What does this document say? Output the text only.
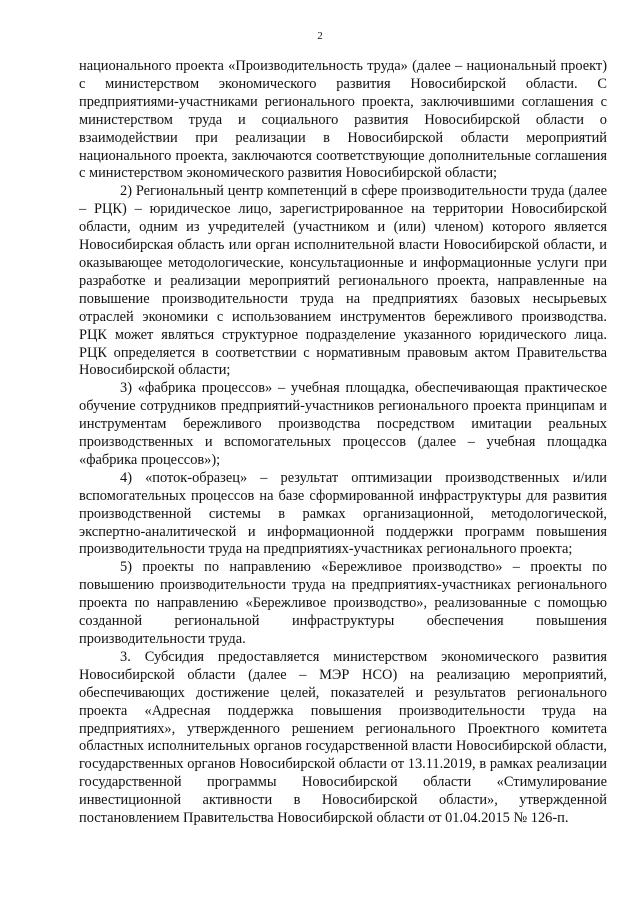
2

национального проекта «Производительность труда» (далее – национальный проект) с министерством экономического развития Новосибирской области. С предприятиями-участниками регионального проекта, заключившими соглашения с министерством труда и социального развития Новосибирской области о взаимодействии при реализации в Новосибирской области мероприятий национального проекта, заключаются соответствующие дополнительные соглашения с министерством экономического развития Новосибирской области;

2) Региональный центр компетенций в сфере производительности труда (далее – РЦК) – юридическое лицо, зарегистрированное на территории Новосибирской области, одним из учредителей (участником и (или) членом) которого является Новосибирская область или орган исполнительной власти Новосибирской области, и оказывающее методологические, консультационные и информационные услуги при разработке и реализации мероприятий регионального проекта, направленные на повышение производительности труда на предприятиях базовых несырьевых отраслей экономики с использованием инструментов бережливого производства. РЦК может являться структурное подразделение указанного юридического лица. РЦК определяется в соответствии с нормативным правовым актом Правительства Новосибирской области;

3) «фабрика процессов» – учебная площадка, обеспечивающая практическое обучение сотрудников предприятий-участников регионального проекта принципам и инструментам бережливого производства посредством имитации реальных производственных и вспомогательных процессов (далее – учебная площадка «фабрика процессов»);

4) «поток-образец» – результат оптимизации производственных и/или вспомогательных процессов на базе сформированной инфраструктуры для развития производственной системы в рамках организационной, методологической, экспертно-аналитической и информационной поддержки программ повышения производительности труда на предприятиях-участниках регионального проекта;

5) проекты по направлению «Бережливое производство» – проекты по повышению производительности труда на предприятиях-участниках регионального проекта по направлению «Бережливое производство», реализованные с помощью созданной региональной инфраструктуры обеспечения повышения производительности труда.

3. Субсидия предоставляется министерством экономического развития Новосибирской области (далее – МЭР НСО) на реализацию мероприятий, обеспечивающих достижение целей, показателей и результатов регионального проекта «Адресная поддержка повышения производительности труда на предприятиях», утвержденного решением регионального Проектного комитета областных исполнительных органов государственной власти Новосибирской области, государственных органов Новосибирской области от 13.11.2019, в рамках реализации государственной программы Новосибирской области «Стимулирование инвестиционной активности в Новосибирской области», утвержденной постановлением Правительства Новосибирской области от 01.04.2015 № 126-п.
